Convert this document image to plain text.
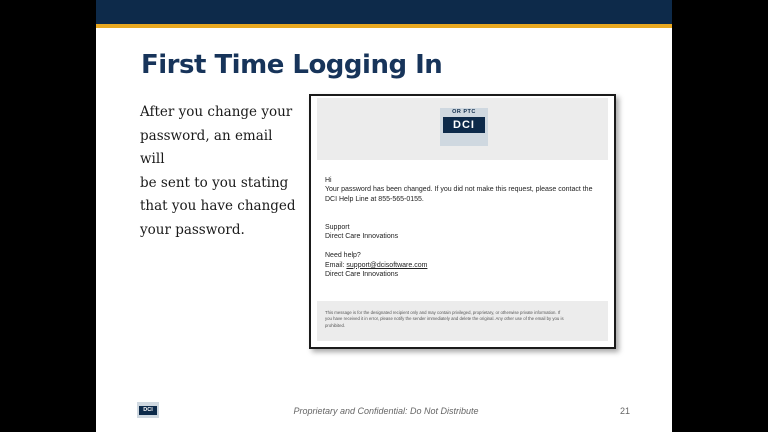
First Time Logging In
After you change your
password, an email will
be sent to you stating
that you have changed
your password.
OR PTC
DCI

Hi

Your password has been changed. If you did not make this request, please contact the

DCI Help Line at 855-565-0155.

Support

Direct Care Innovations

Need help?

Email: support@dcisoftware.com

Direct Care Innovations

This message is for the designated recipient only and may contain privileged, proprietary, or otherwise private information. If
you have received it in error, please notify the sender immediately and delete the original. Any other use of the email by you is
prohibited.
DCI	Proprietary and Confidential: Do Not Distribute	21
